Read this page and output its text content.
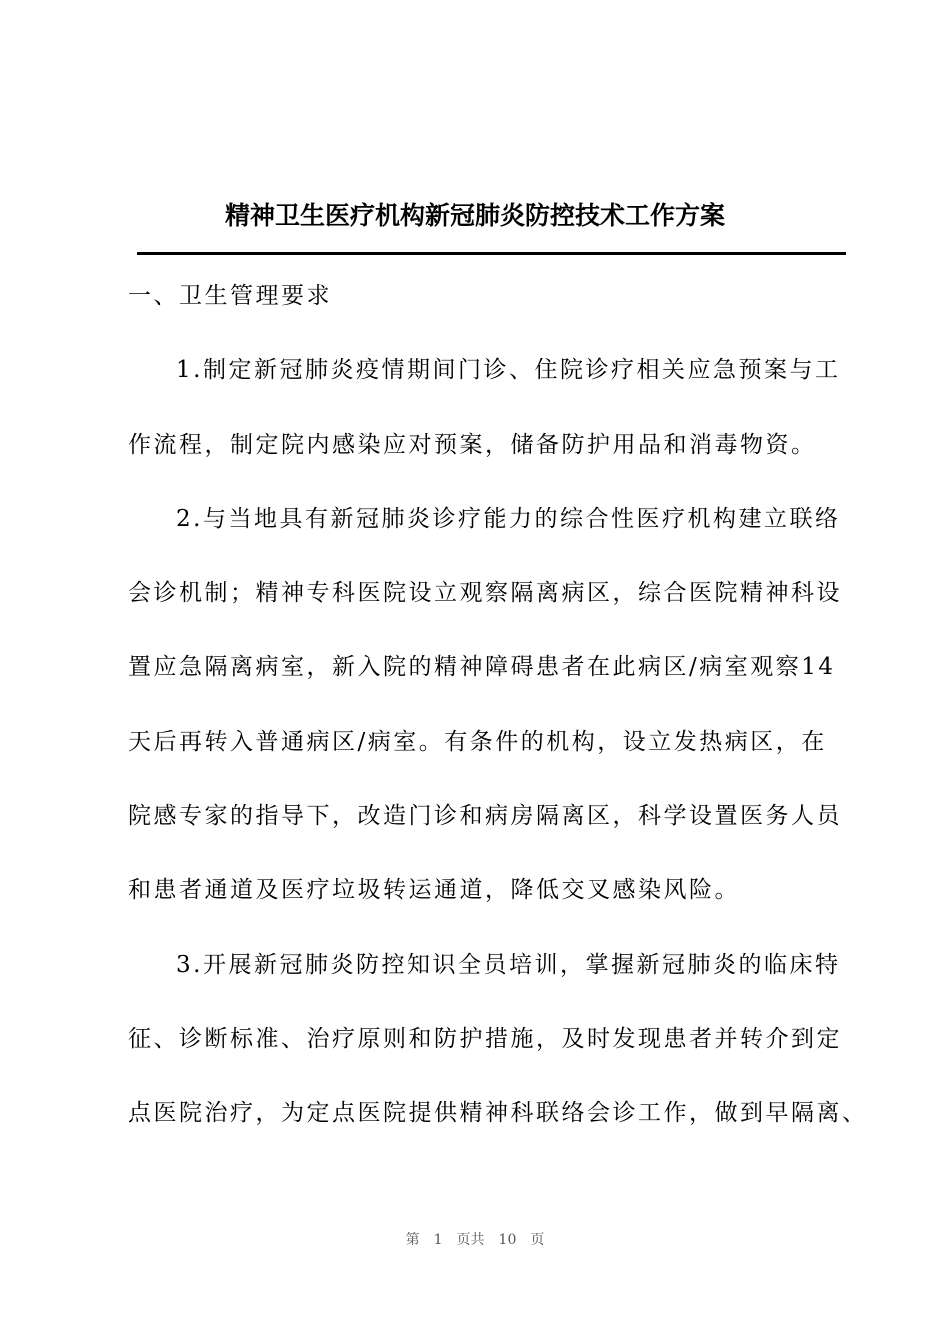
精神卫生医疗机构新冠肺炎防控技术工作方案
一、卫生管理要求
1.制定新冠肺炎疫情期间门诊、住院诊疗相关应急预案与工
作流程，制定院内感染应对预案，储备防护用品和消毒物资。
2.与当地具有新冠肺炎诊疗能力的综合性医疗机构建立联络
会诊机制；精神专科医院设立观察隔离病区，综合医院精神科设
置应急隔离病室，新入院的精神障碍患者在此病区/病室观察14
天后再转入普通病区/病室。有条件的机构，设立发热病区，在
院感专家的指导下，改造门诊和病房隔离区，科学设置医务人员
和患者通道及医疗垃圾转运通道，降低交叉感染风险。
3.开展新冠肺炎防控知识全员培训，掌握新冠肺炎的临床特
征、诊断标准、治疗原则和防护措施，及时发现患者并转介到定
点医院治疗，为定点医院提供精神科联络会诊工作，做到早隔离、
第 1 页共 10 页
